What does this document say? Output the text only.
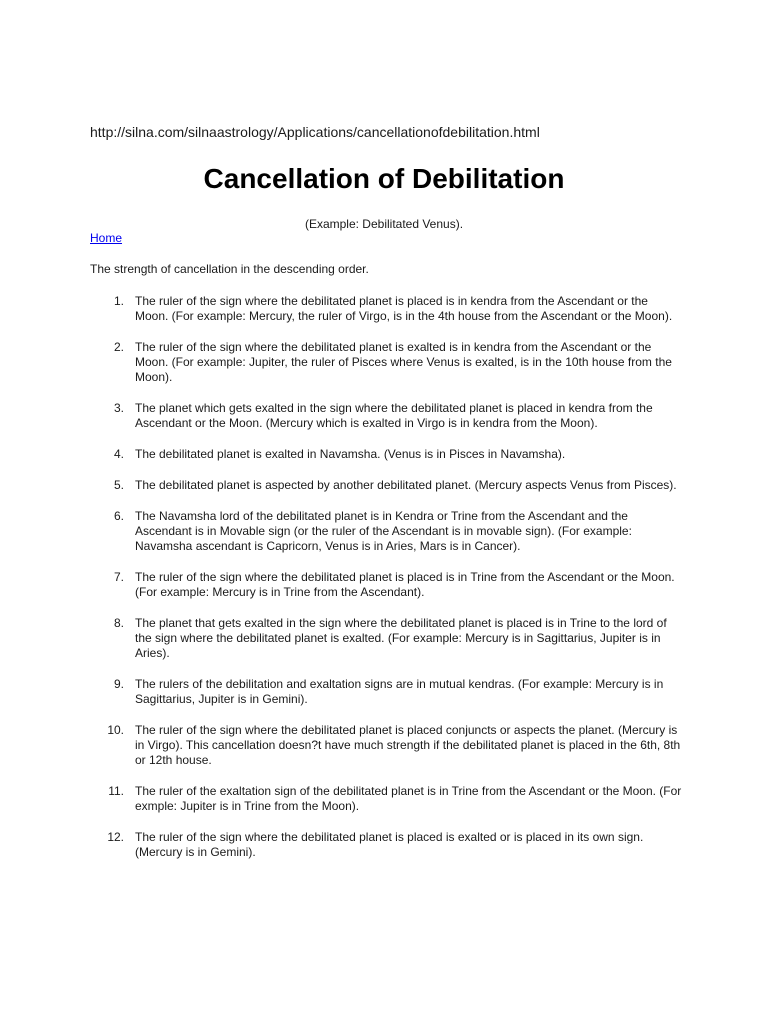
http://silna.com/silnaastrology/Applications/cancellationofdebilitation.html
Cancellation of Debilitation
(Example: Debilitated Venus).
Home
The strength of cancellation in the descending order.
1. The ruler of the sign where the debilitated planet is placed is in kendra from the Ascendant or the Moon. (For example: Mercury, the ruler of Virgo, is in the 4th house from the Ascendant or the Moon).
2. The ruler of the sign where the debilitated planet is exalted is in kendra from the Ascendant or the Moon. (For example: Jupiter, the ruler of Pisces where Venus is exalted, is in the 10th house from the Moon).
3. The planet which gets exalted in the sign where the debilitated planet is placed in kendra from the Ascendant or the Moon. (Mercury which is exalted in Virgo is in kendra from the Moon).
4. The debilitated planet is exalted in Navamsha. (Venus is in Pisces in Navamsha).
5. The debilitated planet is aspected by another debilitated planet. (Mercury aspects Venus from Pisces).
6. The Navamsha lord of the debilitated planet is in Kendra or Trine from the Ascendant and the Ascendant is in Movable sign (or the ruler of the Ascendant is in movable sign). (For example: Navamsha ascendant is Capricorn, Venus is in Aries, Mars is in Cancer).
7. The ruler of the sign where the debilitated planet is placed is in Trine from the Ascendant or the Moon. (For example: Mercury is in Trine from the Ascendant).
8. The planet that gets exalted in the sign where the debilitated planet is placed is in Trine to the lord of the sign where the debilitated planet is exalted. (For example: Mercury is in Sagittarius, Jupiter is in Aries).
9. The rulers of the debilitation and exaltation signs are in mutual kendras. (For example: Mercury is in Sagittarius, Jupiter is in Gemini).
10. The ruler of the sign where the debilitated planet is placed conjuncts or aspects the planet. (Mercury is in Virgo). This cancellation doesn?t have much strength if the debilitated planet is placed in the 6th, 8th or 12th house.
11. The ruler of the exaltation sign of the debilitated planet is in Trine from the Ascendant or the Moon. (For exmple: Jupiter is in Trine from the Moon).
12. The ruler of the sign where the debilitated planet is placed is exalted or is placed in its own sign. (Mercury is in Gemini).
